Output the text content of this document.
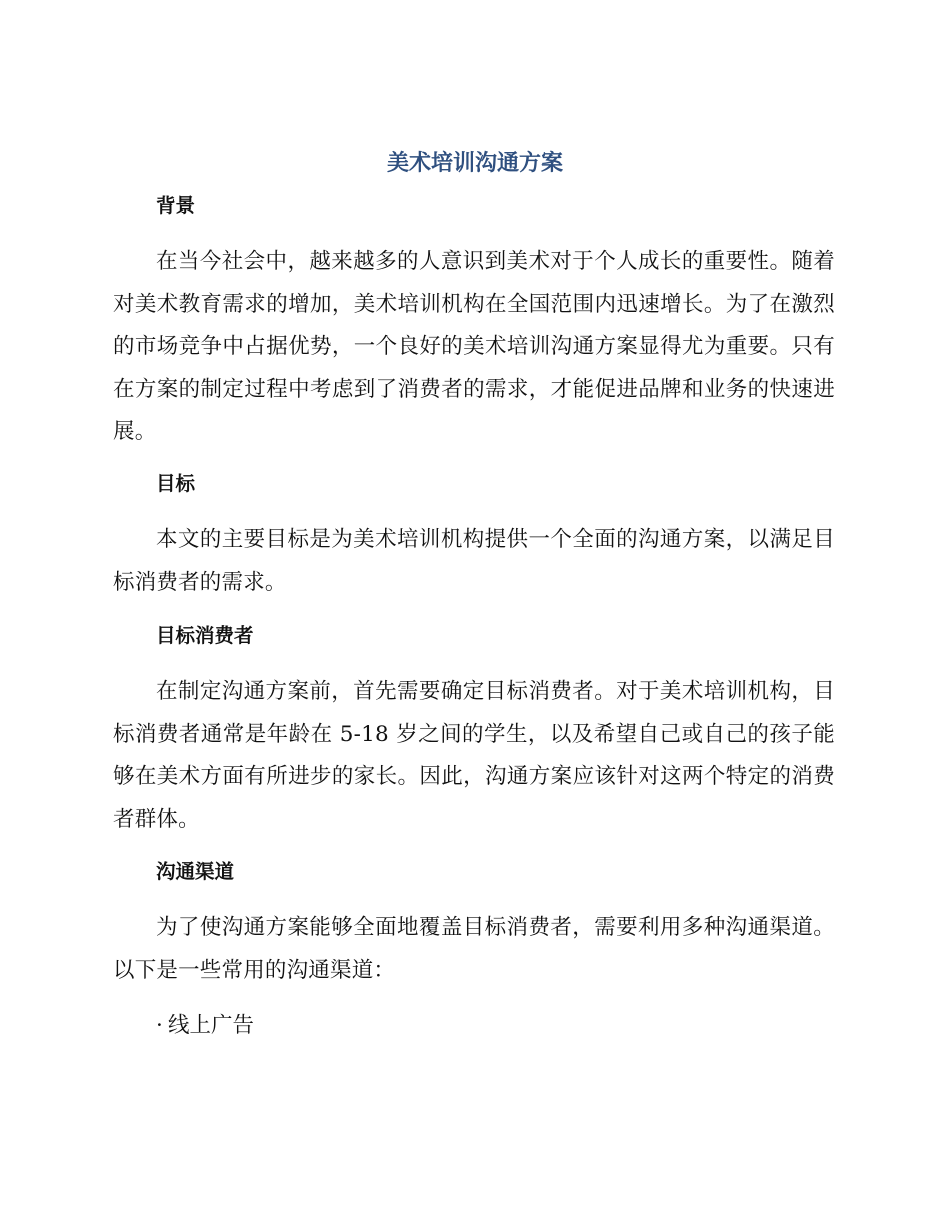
美术培训沟通方案
背景

在当今社会中，越来越多的人意识到美术对于个人成长的重要性。随着对美术教育需求的增加，美术培训机构在全国范围内迅速增长。为了在激烈的市场竞争中占据优势，一个良好的美术培训沟通方案显得尤为重要。只有在方案的制定过程中考虑到了消费者的需求，才能促进品牌和业务的快速进展。

目标

本文的主要目标是为美术培训机构提供一个全面的沟通方案，以满足目标消费者的需求。

目标消费者

在制定沟通方案前，首先需要确定目标消费者。对于美术培训机构，目标消费者通常是年龄在 5-18 岁之间的学生，以及希望自己或自己的孩子能够在美术方面有所进步的家长。因此，沟通方案应该针对这两个特定的消费者群体。

沟通渠道

为了使沟通方案能够全面地覆盖目标消费者，需要利用多种沟通渠道。以下是一些常用的沟通渠道：

· 线上广告
